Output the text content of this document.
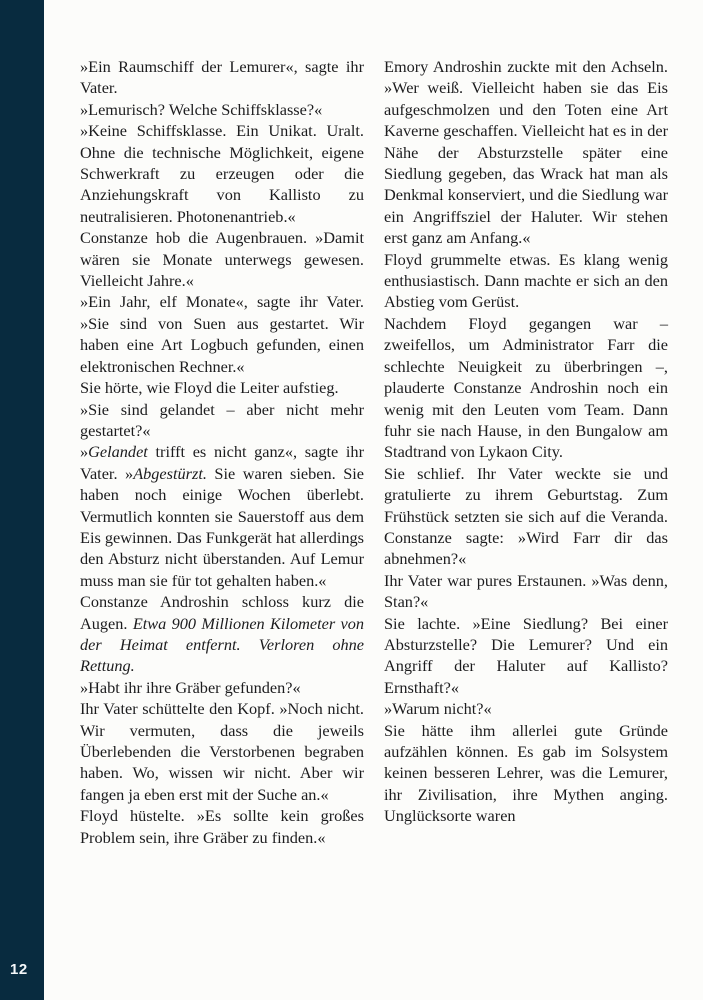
12

»Ein Raumschiff der Lemurer«, sagte ihr Vater.

»Lemurisch? Welche Schiffsklasse?«

»Keine Schiffsklasse. Ein Unikat. Uralt. Ohne die technische Möglichkeit, eigene Schwerkraft zu erzeugen oder die Anziehungskraft von Kallisto zu neutralisieren. Photonenantrieb.«

Constanze hob die Augenbrauen. »Damit wären sie Monate unterwegs gewesen. Vielleicht Jahre.«

»Ein Jahr, elf Monate«, sagte ihr Vater. »Sie sind von Suen aus gestartet. Wir haben eine Art Logbuch gefunden, einen elektronischen Rechner.«

Sie hörte, wie Floyd die Leiter aufstieg.

»Sie sind gelandet – aber nicht mehr gestartet?«

»Gelandet trifft es nicht ganz«, sagte ihr Vater. »Abgestürzt. Sie waren sieben. Sie haben noch einige Wochen überlebt. Vermutlich konnten sie Sauerstoff aus dem Eis gewinnen. Das Funkgerät hat allerdings den Absturz nicht überstanden. Auf Lemur muss man sie für tot gehalten haben.«

Constanze Androshin schloss kurz die Augen. Etwa 900 Millionen Kilometer von der Heimat entfernt. Verloren ohne Rettung.

»Habt ihr ihre Gräber gefunden?«

Ihr Vater schüttelte den Kopf. »Noch nicht. Wir vermuten, dass die jeweils Überlebenden die Verstorbenen begraben haben. Wo, wissen wir nicht. Aber wir fangen ja eben erst mit der Suche an.«

Floyd hüstelte. »Es sollte kein großes Problem sein, ihre Gräber zu finden.«

Emory Androshin zuckte mit den Achseln. »Wer weiß. Vielleicht haben sie das Eis aufgeschmolzen und den Toten eine Art Kaverne geschaffen. Vielleicht hat es in der Nähe der Absturzstelle später eine Siedlung gegeben, das Wrack hat man als Denkmal konserviert, und die Siedlung war ein Angriffsziel der Haluter. Wir stehen erst ganz am Anfang.«

Floyd grummelte etwas. Es klang wenig enthusiastisch. Dann machte er sich an den Abstieg vom Gerüst.

Nachdem Floyd gegangen war – zweifellos, um Administrator Farr die schlechte Neuigkeit zu überbringen –, plauderte Constanze Androshin noch ein wenig mit den Leuten vom Team. Dann fuhr sie nach Hause, in den Bungalow am Stadtrand von Lykaon City.

Sie schlief. Ihr Vater weckte sie und gratulierte zu ihrem Geburtstag. Zum Frühstück setzten sie sich auf die Veranda. Constanze sagte: »Wird Farr dir das abnehmen?«

Ihr Vater war pures Erstaunen. »Was denn, Stan?«

Sie lachte. »Eine Siedlung? Bei einer Absturzstelle? Die Lemurer? Und ein Angriff der Haluter auf Kallisto? Ernsthaft?«

»Warum nicht?«

Sie hätte ihm allerlei gute Gründe aufzählen können. Es gab im Solsystem keinen besseren Lehrer, was die Lemurer, ihr Zivilisation, ihre Mythen anging. Unglücksorte waren
